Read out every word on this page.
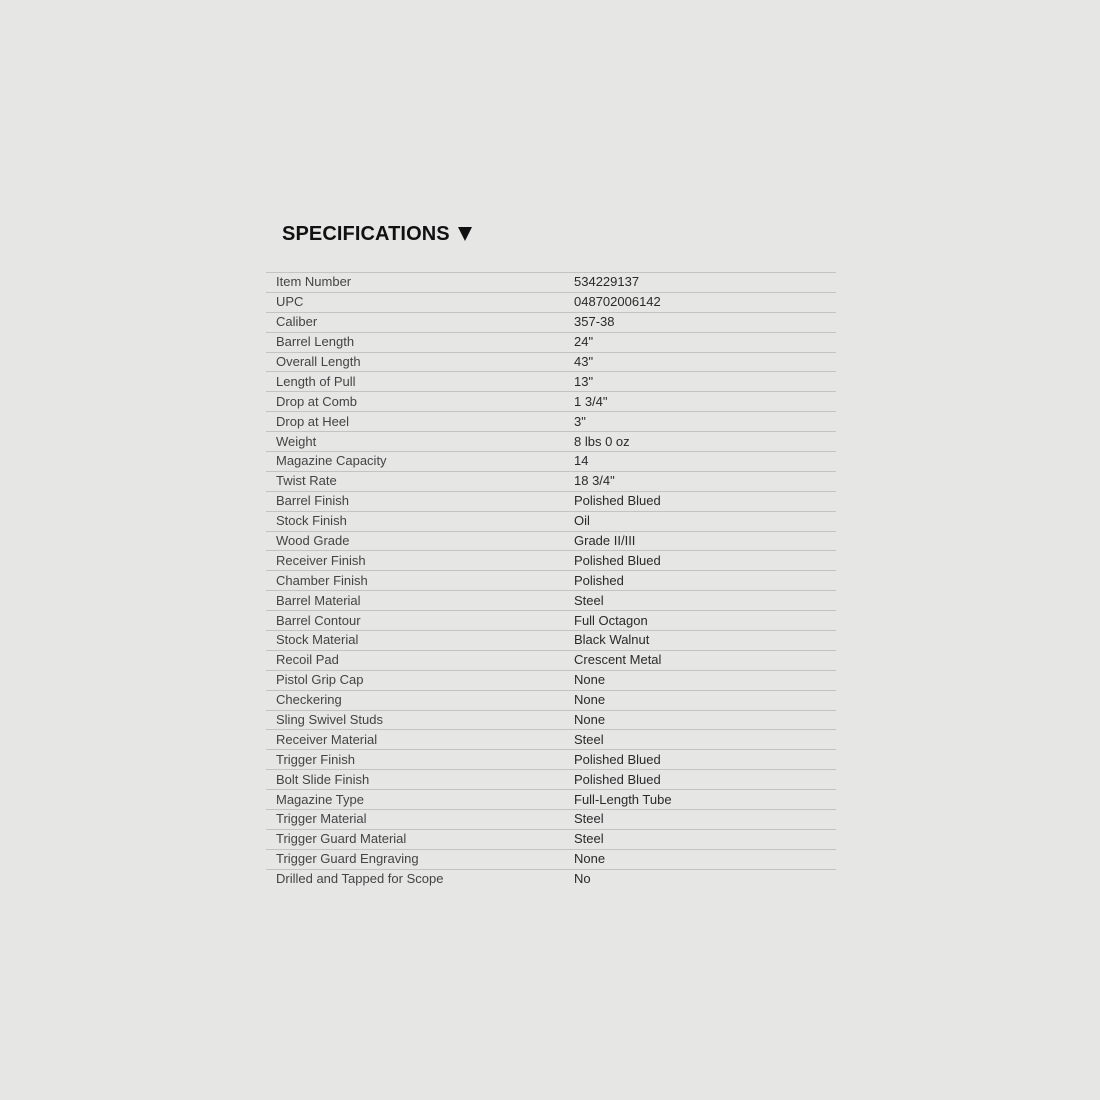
SPECIFICATIONS
Item Number	534229137
UPC	048702006142
Caliber	357-38
Barrel Length	24"
Overall Length	43"
Length of Pull	13"
Drop at Comb	1 3/4"
Drop at Heel	3"
Weight	8 lbs 0 oz
Magazine Capacity	14
Twist Rate	18 3/4"
Barrel Finish	Polished Blued
Stock Finish	Oil
Wood Grade	Grade II/III
Receiver Finish	Polished Blued
Chamber Finish	Polished
Barrel Material	Steel
Barrel Contour	Full Octagon
Stock Material	Black Walnut
Recoil Pad	Crescent Metal
Pistol Grip Cap	None
Checkering	None
Sling Swivel Studs	None
Receiver Material	Steel
Trigger Finish	Polished Blued
Bolt Slide Finish	Polished Blued
Magazine Type	Full-Length Tube
Trigger Material	Steel
Trigger Guard Material	Steel
Trigger Guard Engraving	None
Drilled and Tapped for Scope	No
